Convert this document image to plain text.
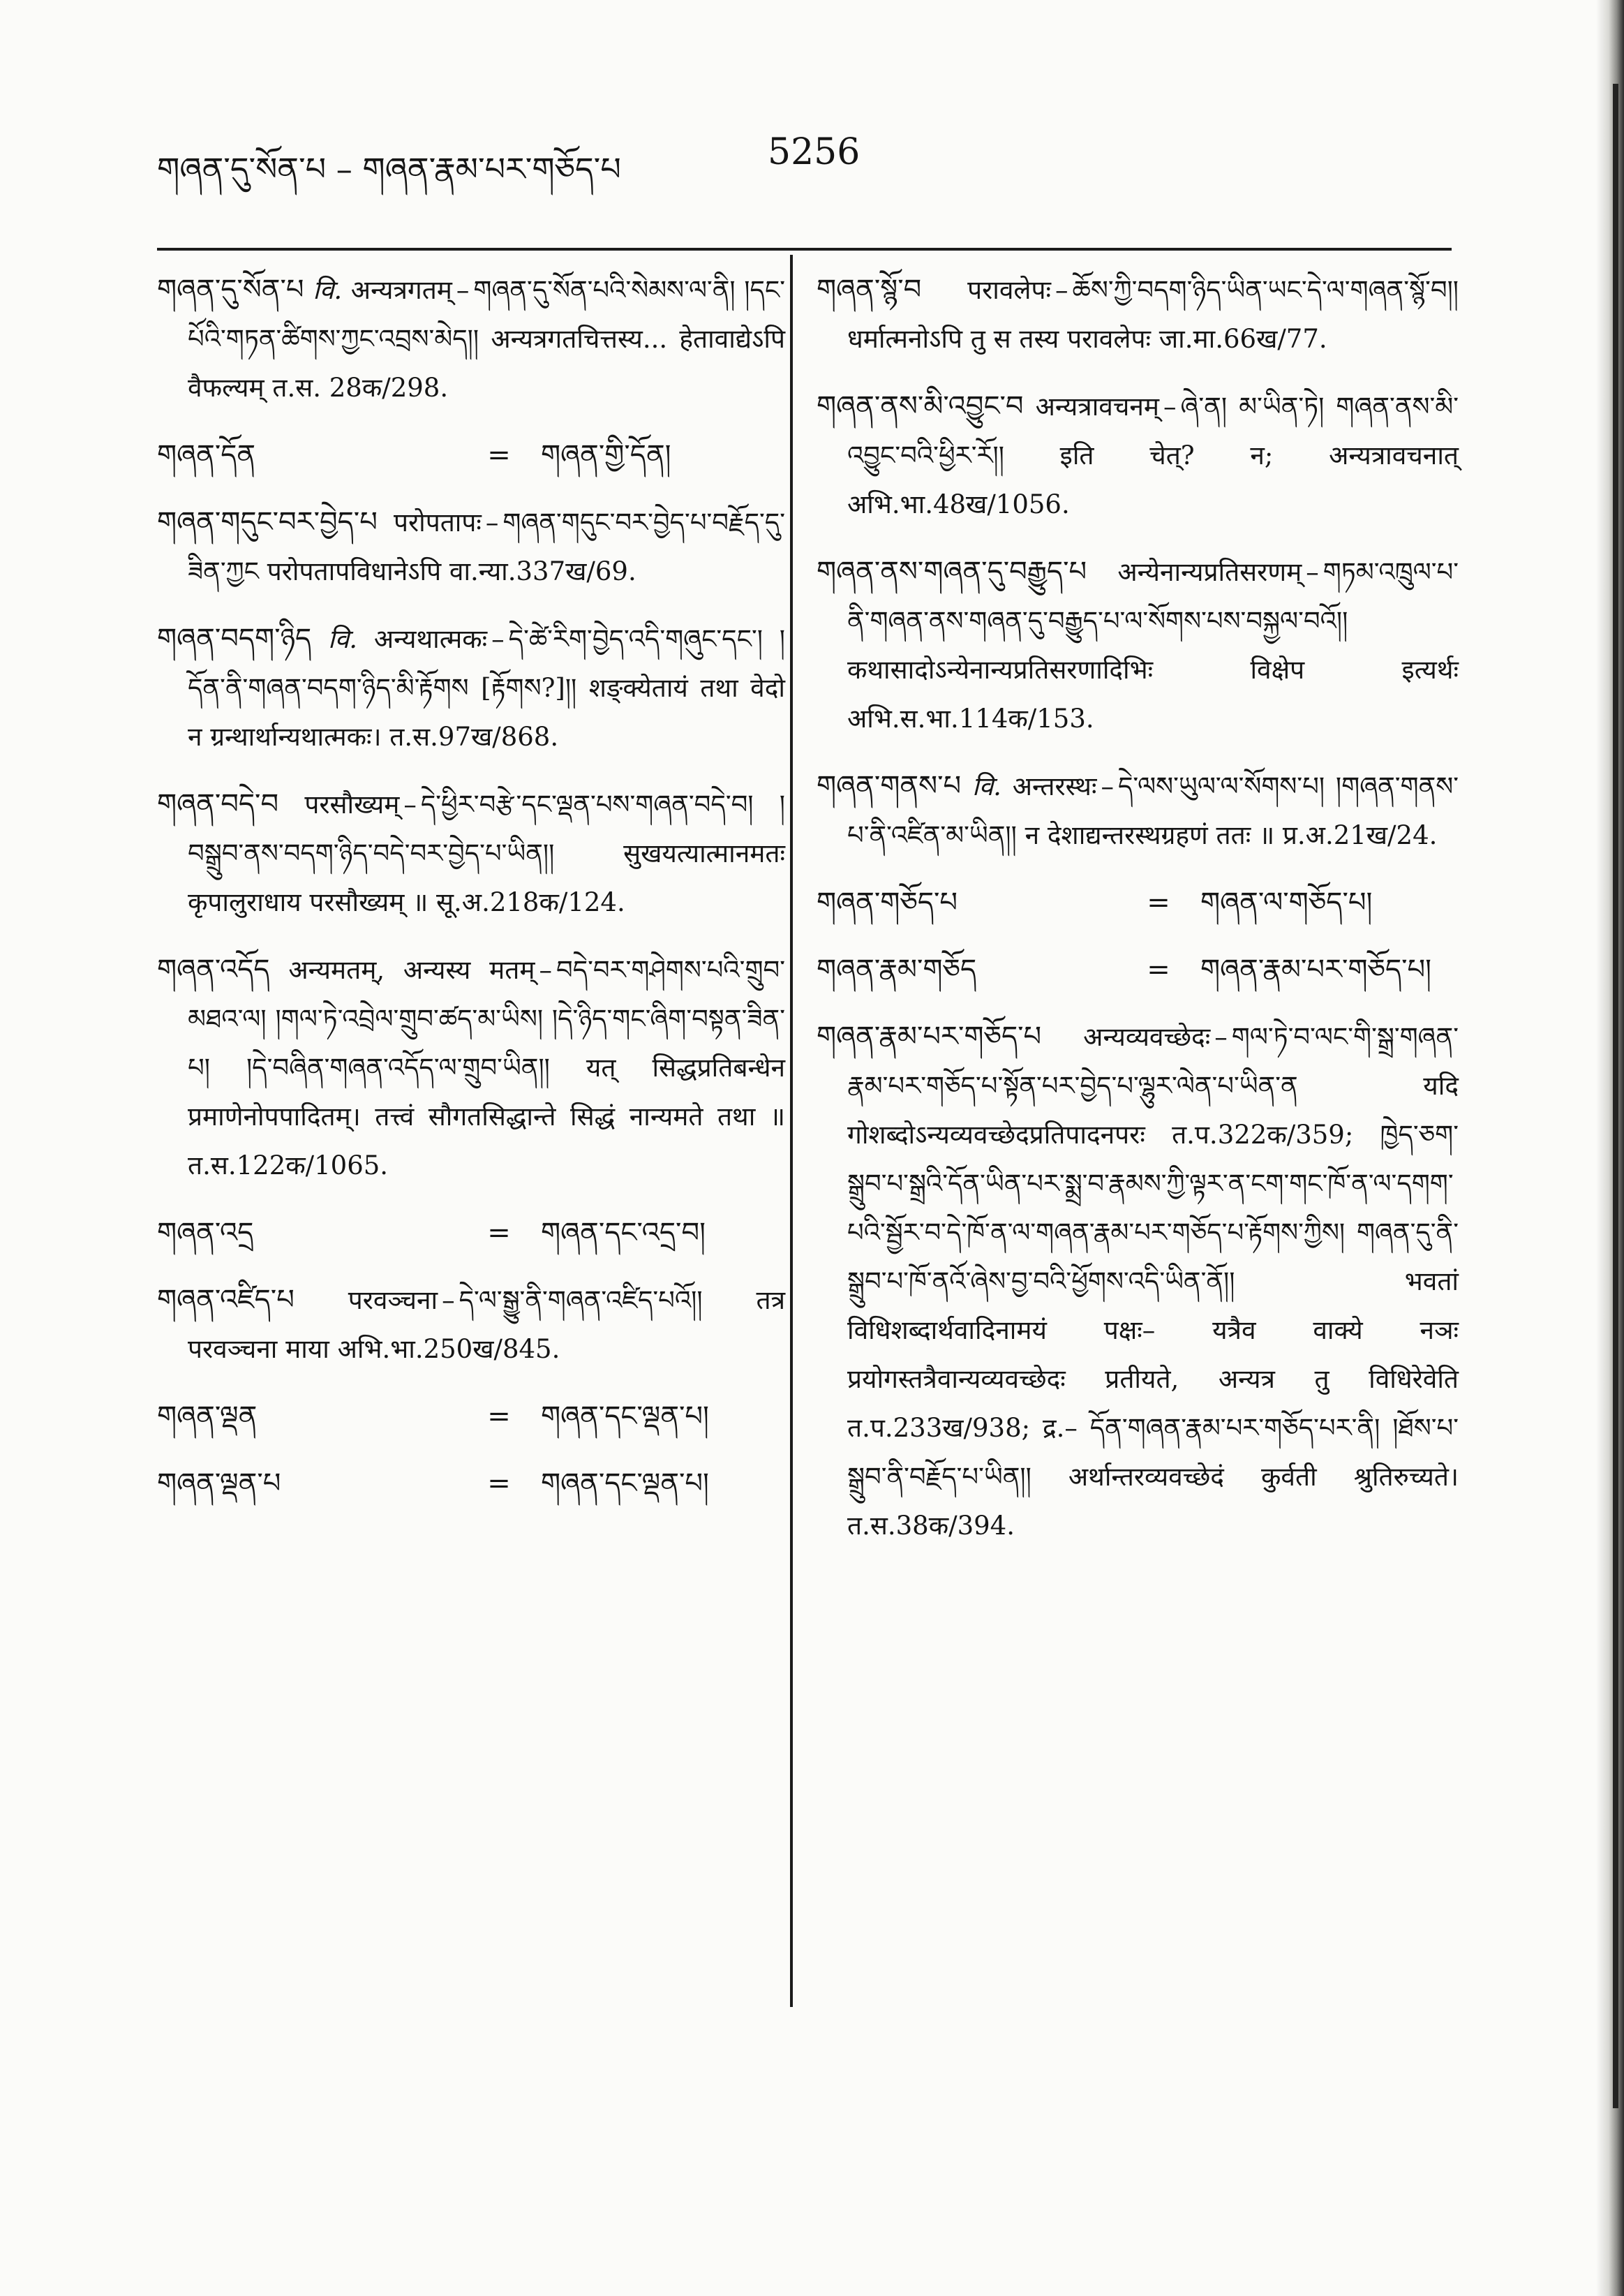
གཞན་དུ་སོན་པ – གཞན་རྣམ་པར་གཅོད་པ	5256
གཞན་དུ་སོན་པ वि. अन्यत्रगतम् – གཞན་དུ་སོན་པའི་སེམས་ལ་ནི། །དང་པོའི་གཏན་ཚིགས་ཀྱང་འབྲས་མེད།། अन्यत्रगतचित्तस्य... हेतावाद्येऽपि वैफल्यम् त.स. 28क/298.
གཞན་དོན	=	གཞན་གྱི་དོན།
གཞན་གདུང་བར་བྱེད་པ परोपतापः – གཞན་གདུང་བར་བྱེད་པ་བརྗོད་དུ་ཟིན་ཀྱང परोपतापविधानेऽपि वा.न्या.337ख/69.
གཞན་བདག་ཉིད वि. अन्यथात्मकः – དེ་ཚེ་རིག་བྱེད་འདི་གཞུང་དང་། །དོན་ནི་གཞན་བདག་ཉིད་མི་རྟོགས [རྟོགས?]།། शङ्क्येतायं तथा वेदो न ग्रन्थार्थान्यथात्मकः। त.स.97ख/868.
གཞན་བདེ་བ परसौख्यम् – དེ་ཕྱིར་བརྩེ་དང་ལྡན་པས་གཞན་བདེ་བ། །བསྒྲུབ་ནས་བདག་ཉིད་བདེ་བར་བྱེད་པ་ཡིན།། सुखयत्यात्मानमतः कृपालुराधाय परसौख्यम् ॥ सू.अ.218क/124.
གཞན་འདོད अन्यमतम्, अन्यस्य मतम् – བདེ་བར་གཤེགས་པའི་གྲུབ་མཐའ་ལ། །གལ་ཏེ་འབྲེལ་གྲུབ་ཚད་མ་ཡིས། །དེ་ཉིད་གང་ཞིག་བསྟན་ཟིན་པ། །དེ་བཞིན་གཞན་འདོད་ལ་གྲུབ་ཡིན།། यत् सिद्धप्रतिबन्धेन प्रमाणेनोपपादितम्। तत्त्वं सौगतसिद्धान्ते सिद्धं नान्यमते तथा ॥ त.स.122क/1065.
གཞན་འདྲ	=	གཞན་དང་འདྲ་བ།
གཞན་འཛིད་པ परवञ्चना – དེ་ལ་སྒྱུ་ནི་གཞན་འཛིད་པའོ།། तत्र परवञ्चना माया अभि.भा.250ख/845.
གཞན་ལྡན	=	གཞན་དང་ལྡན་པ།
གཞན་ལྡན་པ	=	གཞན་དང་ལྡན་པ།
གཞན་སྙོ་བ परावलेपः – ཆོས་ཀྱི་བདག་ཉིད་ཡིན་ཡང་དེ་ལ་གཞན་སྙོ་བ།། धर्मात्मनोऽपि तु स तस्य परावलेपः जा.मा.66ख/77.
གཞན་ནས་མི་འབྱུང་བ अन्यत्रावचनम् – ཞེ་ན། མ་ཡིན་ཏེ། གཞན་ནས་མི་འབྱུང་བའི་ཕྱིར་རོ།། इति चेत्? न; अन्यत्रावचनात् अभि.भा.48ख/1056.
གཞན་ནས་གཞན་དུ་བརྒྱུད་པ अन्येनान्यप्रतिसरणम् – གཏམ་འཁྲུལ་པ་ནི་གཞན་ནས་གཞན་དུ་བརྒྱུད་པ་ལ་སོགས་པས་བསྐྱལ་བའོ།། कथासादोऽन्येनान्यप्रतिसरणादिभिः विक्षेप इत्यर्थः अभि.स.भा.114क/153.
གཞན་གནས་པ वि. अन्तरस्थः – དེ་ལས་ཡུལ་ལ་སོགས་པ། །གཞན་གནས་པ་ནི་འཛིན་མ་ཡིན།། न देशाद्यन्तरस्थग्रहणं ततः ॥ प्र.अ.21ख/24.
གཞན་གཅོད་པ	=	གཞན་ལ་གཅོད་པ།
གཞན་རྣམ་གཅོད	=	གཞན་རྣམ་པར་གཅོད་པ།
གཞན་རྣམ་པར་གཅོད་པ अन्यव्यवच्छेदः – གལ་ཏེ་བ་ལང་གི་སྒྲ་གཞན་རྣམ་པར་གཅོད་པ་སྟོན་པར་བྱེད་པ་ལྷུར་ལེན་པ་ཡིན་ན यदि गोशब्दोऽन्यव्यवच्छेदप्रतिपादनपरः त.प.322क/359; ཁྱེད་ཅག་སྒྲུབ་པ་སྒྲའི་དོན་ཡིན་པར་སྨྲ་བ་རྣམས་ཀྱི་ལྟར་ན་ངག་གང་ཁོ་ན་ལ་དགག་པའི་སྦྱོར་བ་དེ་ཁོ་ན་ལ་གཞན་རྣམ་པར་གཅོད་པ་རྟོགས་ཀྱིས། གཞན་དུ་ནི་སྒྲུབ་པ་ཁོ་ནའོ་ཞེས་བྱ་བའི་ཕྱོགས་འདི་ཡིན་ནོ།། भवतां विधिशब्दार्थवादिनामयं पक्षः– यत्रैव वाक्ये नञः प्रयोगस्तत्रैवान्यव्यवच्छेदः प्रतीयते, अन्यत्र तु विधिरेवेति त.प.233ख/938; द्र.– དོན་གཞན་རྣམ་པར་གཅོད་པར་ནི། །ཐོས་པ་སྒྲུབ་ནི་བརྗོད་པ་ཡིན།། अर्थान्तरव्यवच्छेदं कुर्वती श्रुतिरुच्यते। त.स.38क/394.
